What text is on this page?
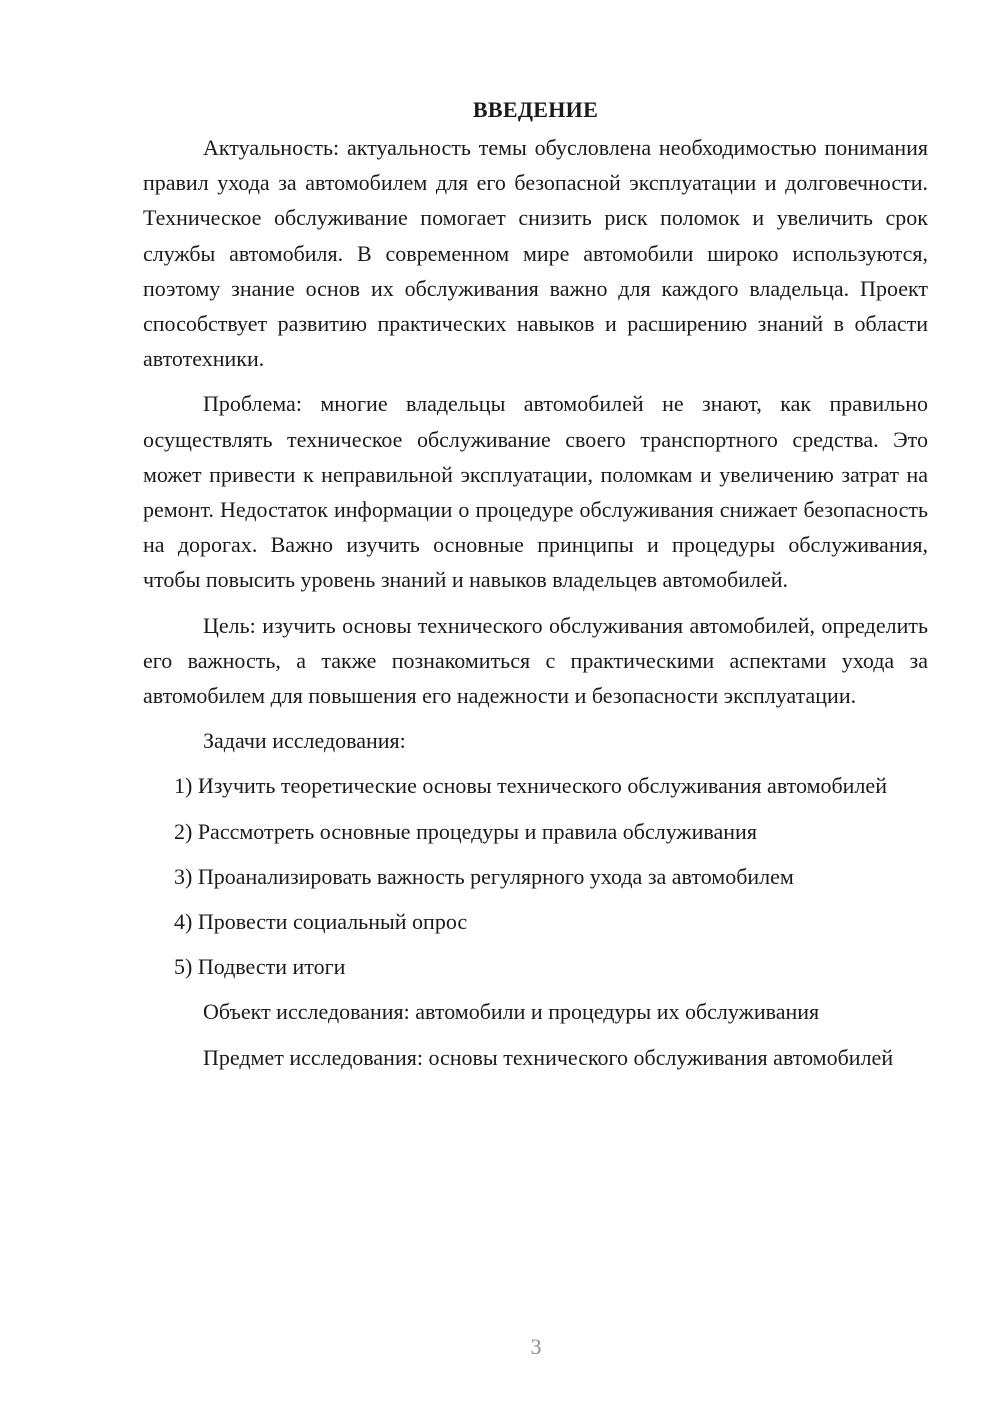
ВВЕДЕНИЕ

Актуальность: актуальность темы обусловлена необходимостью понимания правил ухода за автомобилем для его безопасной эксплуатации и долговечности. Техническое обслуживание помогает снизить риск поломок и увеличить срок службы автомобиля. В современном мире автомобили широко используются, поэтому знание основ их обслуживания важно для каждого владельца. Проект способствует развитию практических навыков и расширению знаний в области автотехники.

Проблема: многие владельцы автомобилей не знают, как правильно осуществлять техническое обслуживание своего транспортного средства. Это может привести к неправильной эксплуатации, поломкам и увеличению затрат на ремонт. Недостаток информации о процедуре обслуживания снижает безопасность на дорогах. Важно изучить основные принципы и процедуры обслуживания, чтобы повысить уровень знаний и навыков владельцев автомобилей.

Цель: изучить основы технического обслуживания автомобилей, определить его важность, а также познакомиться с практическими аспектами ухода за автомобилем для повышения его надежности и безопасности эксплуатации.

Задачи исследования:

1) Изучить теоретические основы технического обслуживания автомобилей

2) Рассмотреть основные процедуры и правила обслуживания

3) Проанализировать важность регулярного ухода за автомобилем

4) Провести социальный опрос

5) Подвести итоги

Объект исследования: автомобили и процедуры их обслуживания

Предмет исследования: основы технического обслуживания автомобилей

3
